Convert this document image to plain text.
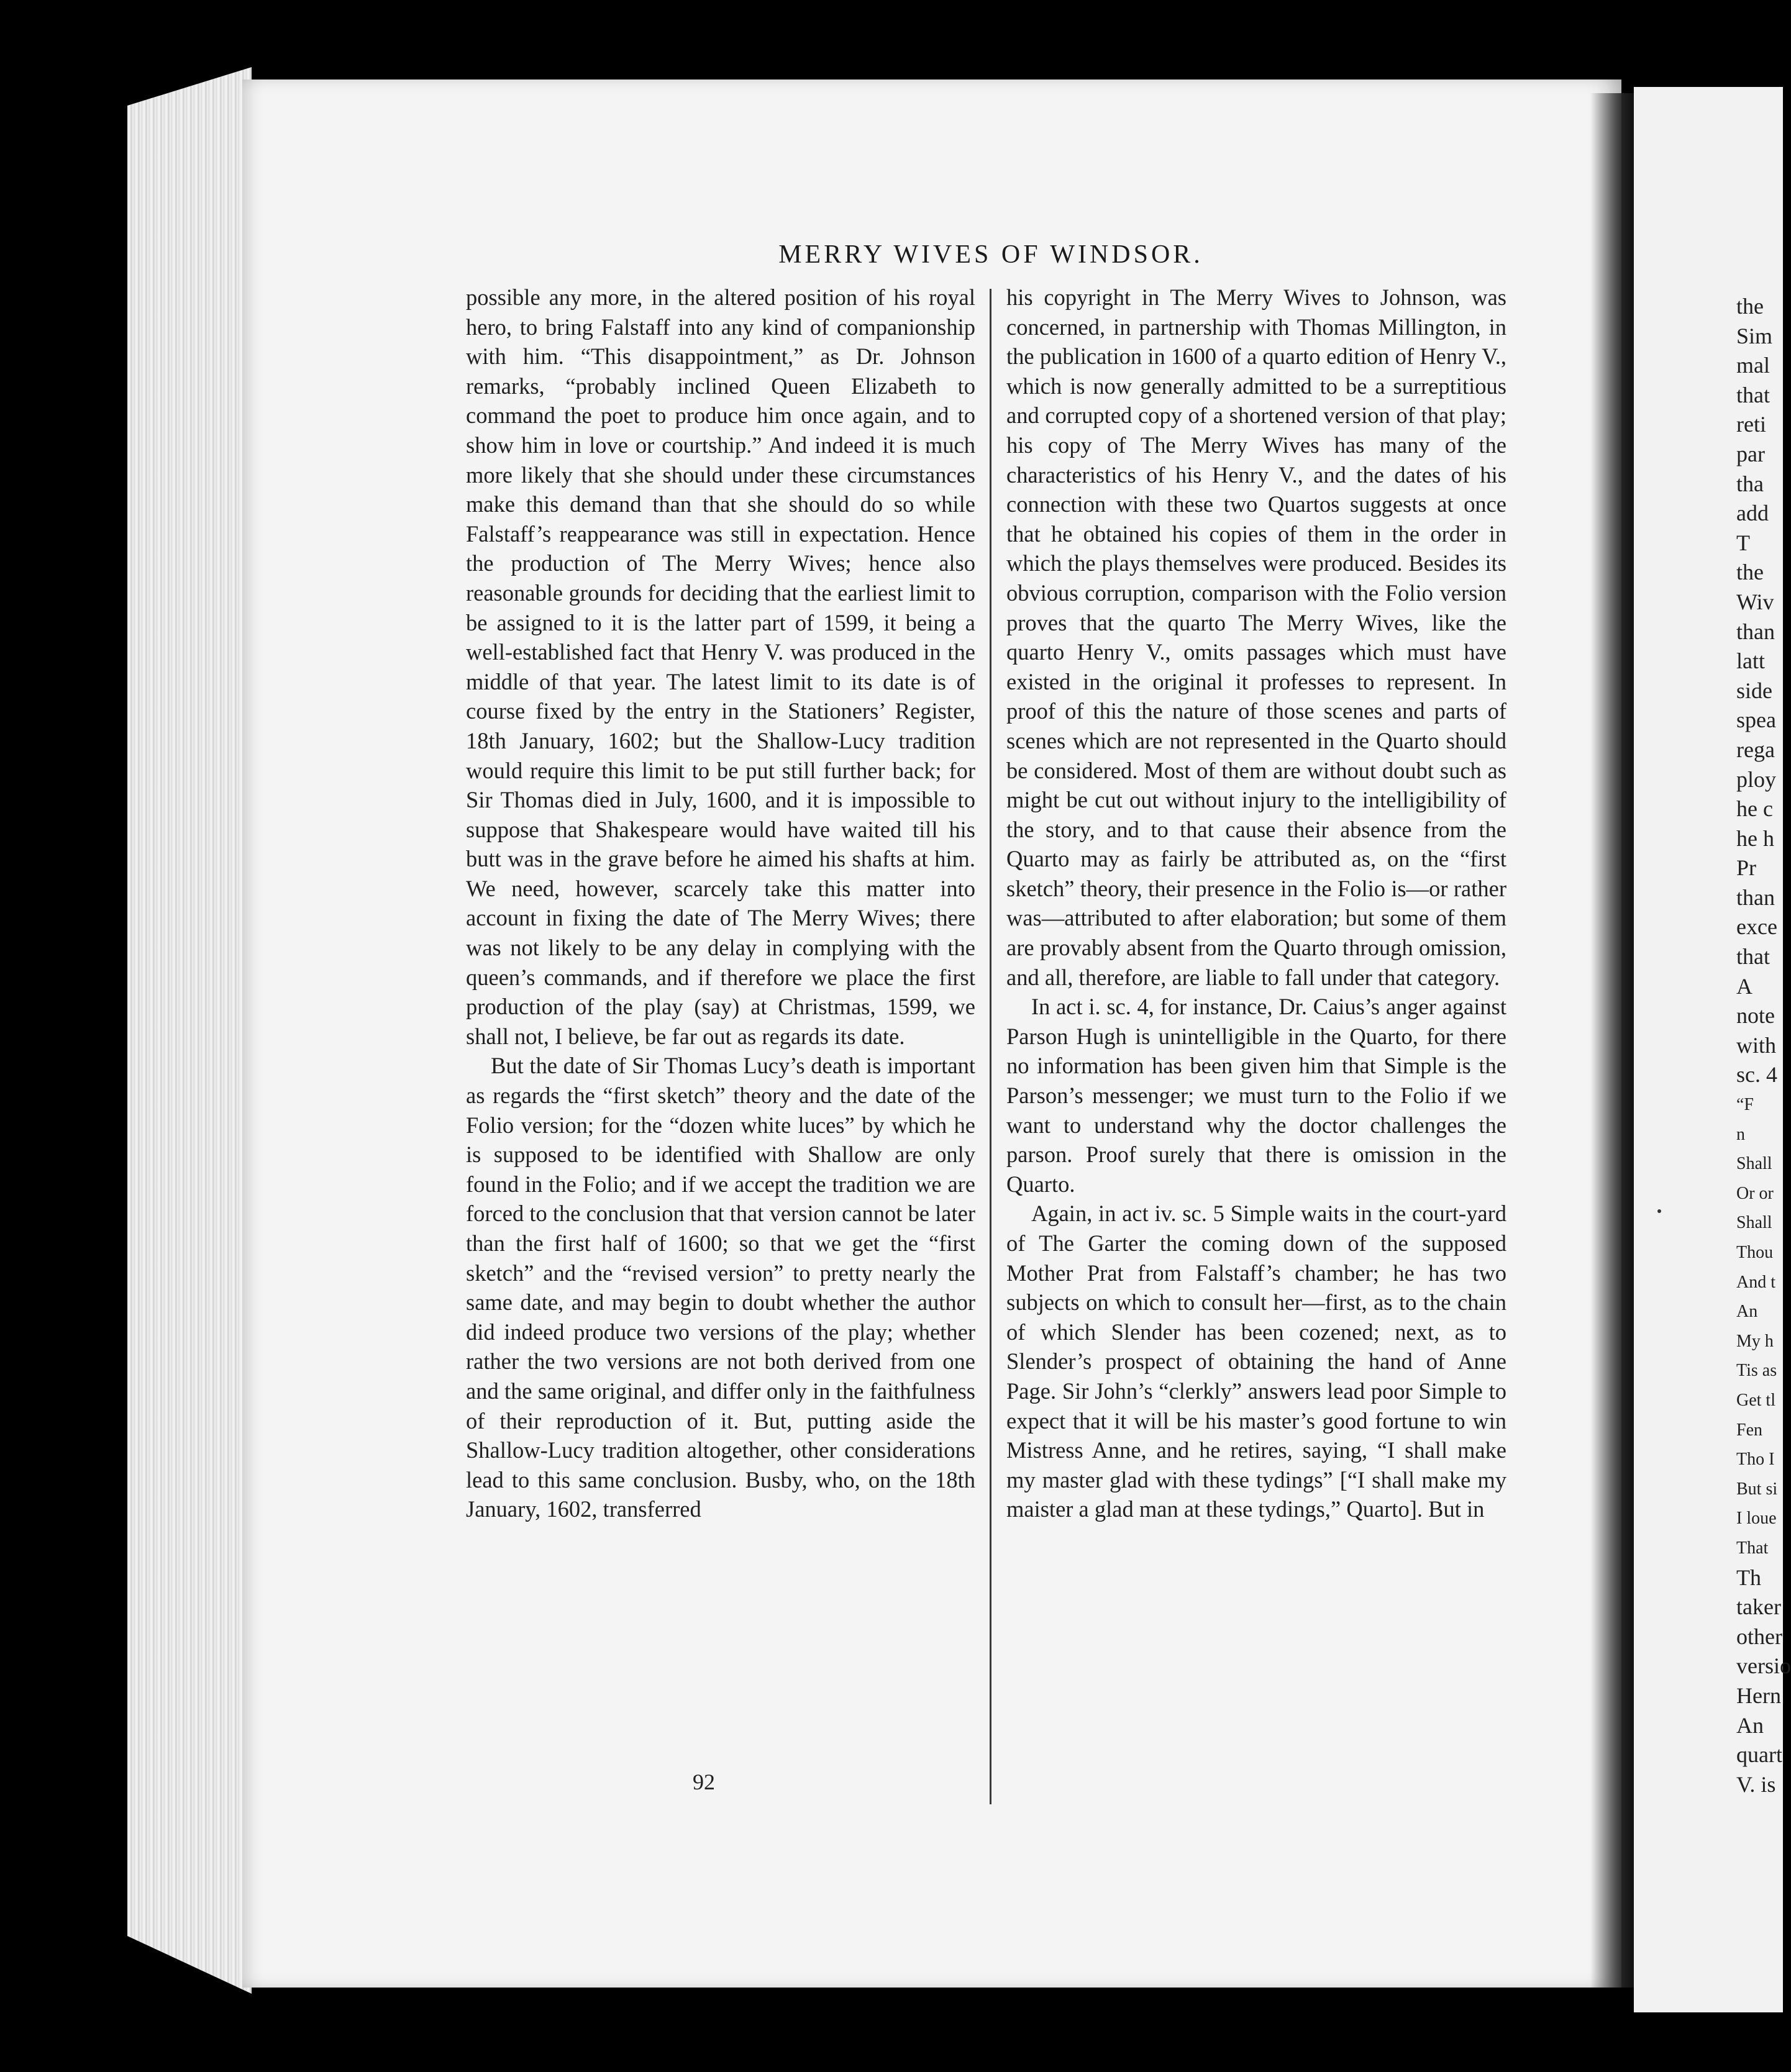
MERRY WIVES OF WINDSOR.

possible any more, in the altered position of his royal hero, to bring Falstaff into any kind of companionship with him. “This disappointment,” as Dr. Johnson remarks, “probably inclined Queen Elizabeth to command the poet to produce him once again, and to show him in love or courtship.” And indeed it is much more likely that she should under these circumstances make this demand than that she should do so while Falstaff’s reappearance was still in expectation. Hence the production of The Merry Wives; hence also reasonable grounds for deciding that the earliest limit to be assigned to it is the latter part of 1599, it being a well-established fact that Henry V. was produced in the middle of that year. The latest limit to its date is of course fixed by the entry in the Stationers’ Register, 18th January, 1602; but the Shallow-Lucy tradition would require this limit to be put still further back; for Sir Thomas died in July, 1600, and it is impossible to suppose that Shakespeare would have waited till his butt was in the grave before he aimed his shafts at him. We need, however, scarcely take this matter into account in fixing the date of The Merry Wives; there was not likely to be any delay in complying with the queen’s commands, and if therefore we place the first production of the play (say) at Christmas, 1599, we shall not, I believe, be far out as regards its date.

But the date of Sir Thomas Lucy’s death is important as regards the “first sketch” theory and the date of the Folio version; for the “dozen white luces” by which he is supposed to be identified with Shallow are only found in the Folio; and if we accept the tradition we are forced to the conclusion that that version cannot be later than the first half of 1600; so that we get the “first sketch” and the “revised version” to pretty nearly the same date, and may begin to doubt whether the author did indeed produce two versions of the play; whether rather the two versions are not both derived from one and the same original, and differ only in the faithfulness of their reproduction of it. But, putting aside the Shallow-Lucy tradition altogether, other considerations lead to this same conclusion. Busby, who, on the 18th January, 1602, transferred

his copyright in The Merry Wives to Johnson, was concerned, in partnership with Thomas Millington, in the publication in 1600 of a quarto edition of Henry V., which is now generally admitted to be a surreptitious and corrupted copy of a shortened version of that play; his copy of The Merry Wives has many of the characteristics of his Henry V., and the dates of his connection with these two Quartos suggests at once that he obtained his copies of them in the order in which the plays themselves were produced. Besides its obvious corruption, comparison with the Folio version proves that the quarto The Merry Wives, like the quarto Henry V., omits passages which must have existed in the original it professes to represent. In proof of this the nature of those scenes and parts of scenes which are not represented in the Quarto should be considered. Most of them are without doubt such as might be cut out without injury to the intelligibility of the story, and to that cause their absence from the Quarto may as fairly be attributed as, on the “first sketch” theory, their presence in the Folio is—or rather was—attributed to after elaboration; but some of them are provably absent from the Quarto through omission, and all, therefore, are liable to fall under that category.

In act i. sc. 4, for instance, Dr. Caius’s anger against Parson Hugh is unintelligible in the Quarto, for there no information has been given him that Simple is the Parson’s messenger; we must turn to the Folio if we want to understand why the doctor challenges the parson. Proof surely that there is omission in the Quarto.

Again, in act iv. sc. 5 Simple waits in the court-yard of The Garter the coming down of the supposed Mother Prat from Falstaff’s chamber; he has two subjects on which to consult her—first, as to the chain of which Slender has been cozened; next, as to Slender’s prospect of obtaining the hand of Anne Page. Sir John’s “clerkly” answers lead poor Simple to expect that it will be his master’s good fortune to win Mistress Anne, and he retires, saying, “I shall make my master glad with these tydings” [“I shall make my maister a glad man at these tydings,” Quarto]. But in

92
the
Sim
mal
that
reti
par
tha
add
T
the
Wiv
than
latt
side
spea
rega
ploy
he c
he h
Pr
than
exce
that
A
note
with
sc. 4
“F
n
Shall
Or or
Shall
Thou
And t
An
My h
Tis as
Get tl
Fen
Tho I
But si
I loue
That
Th
taker
other
versio
Hern
An
quart
V. is
